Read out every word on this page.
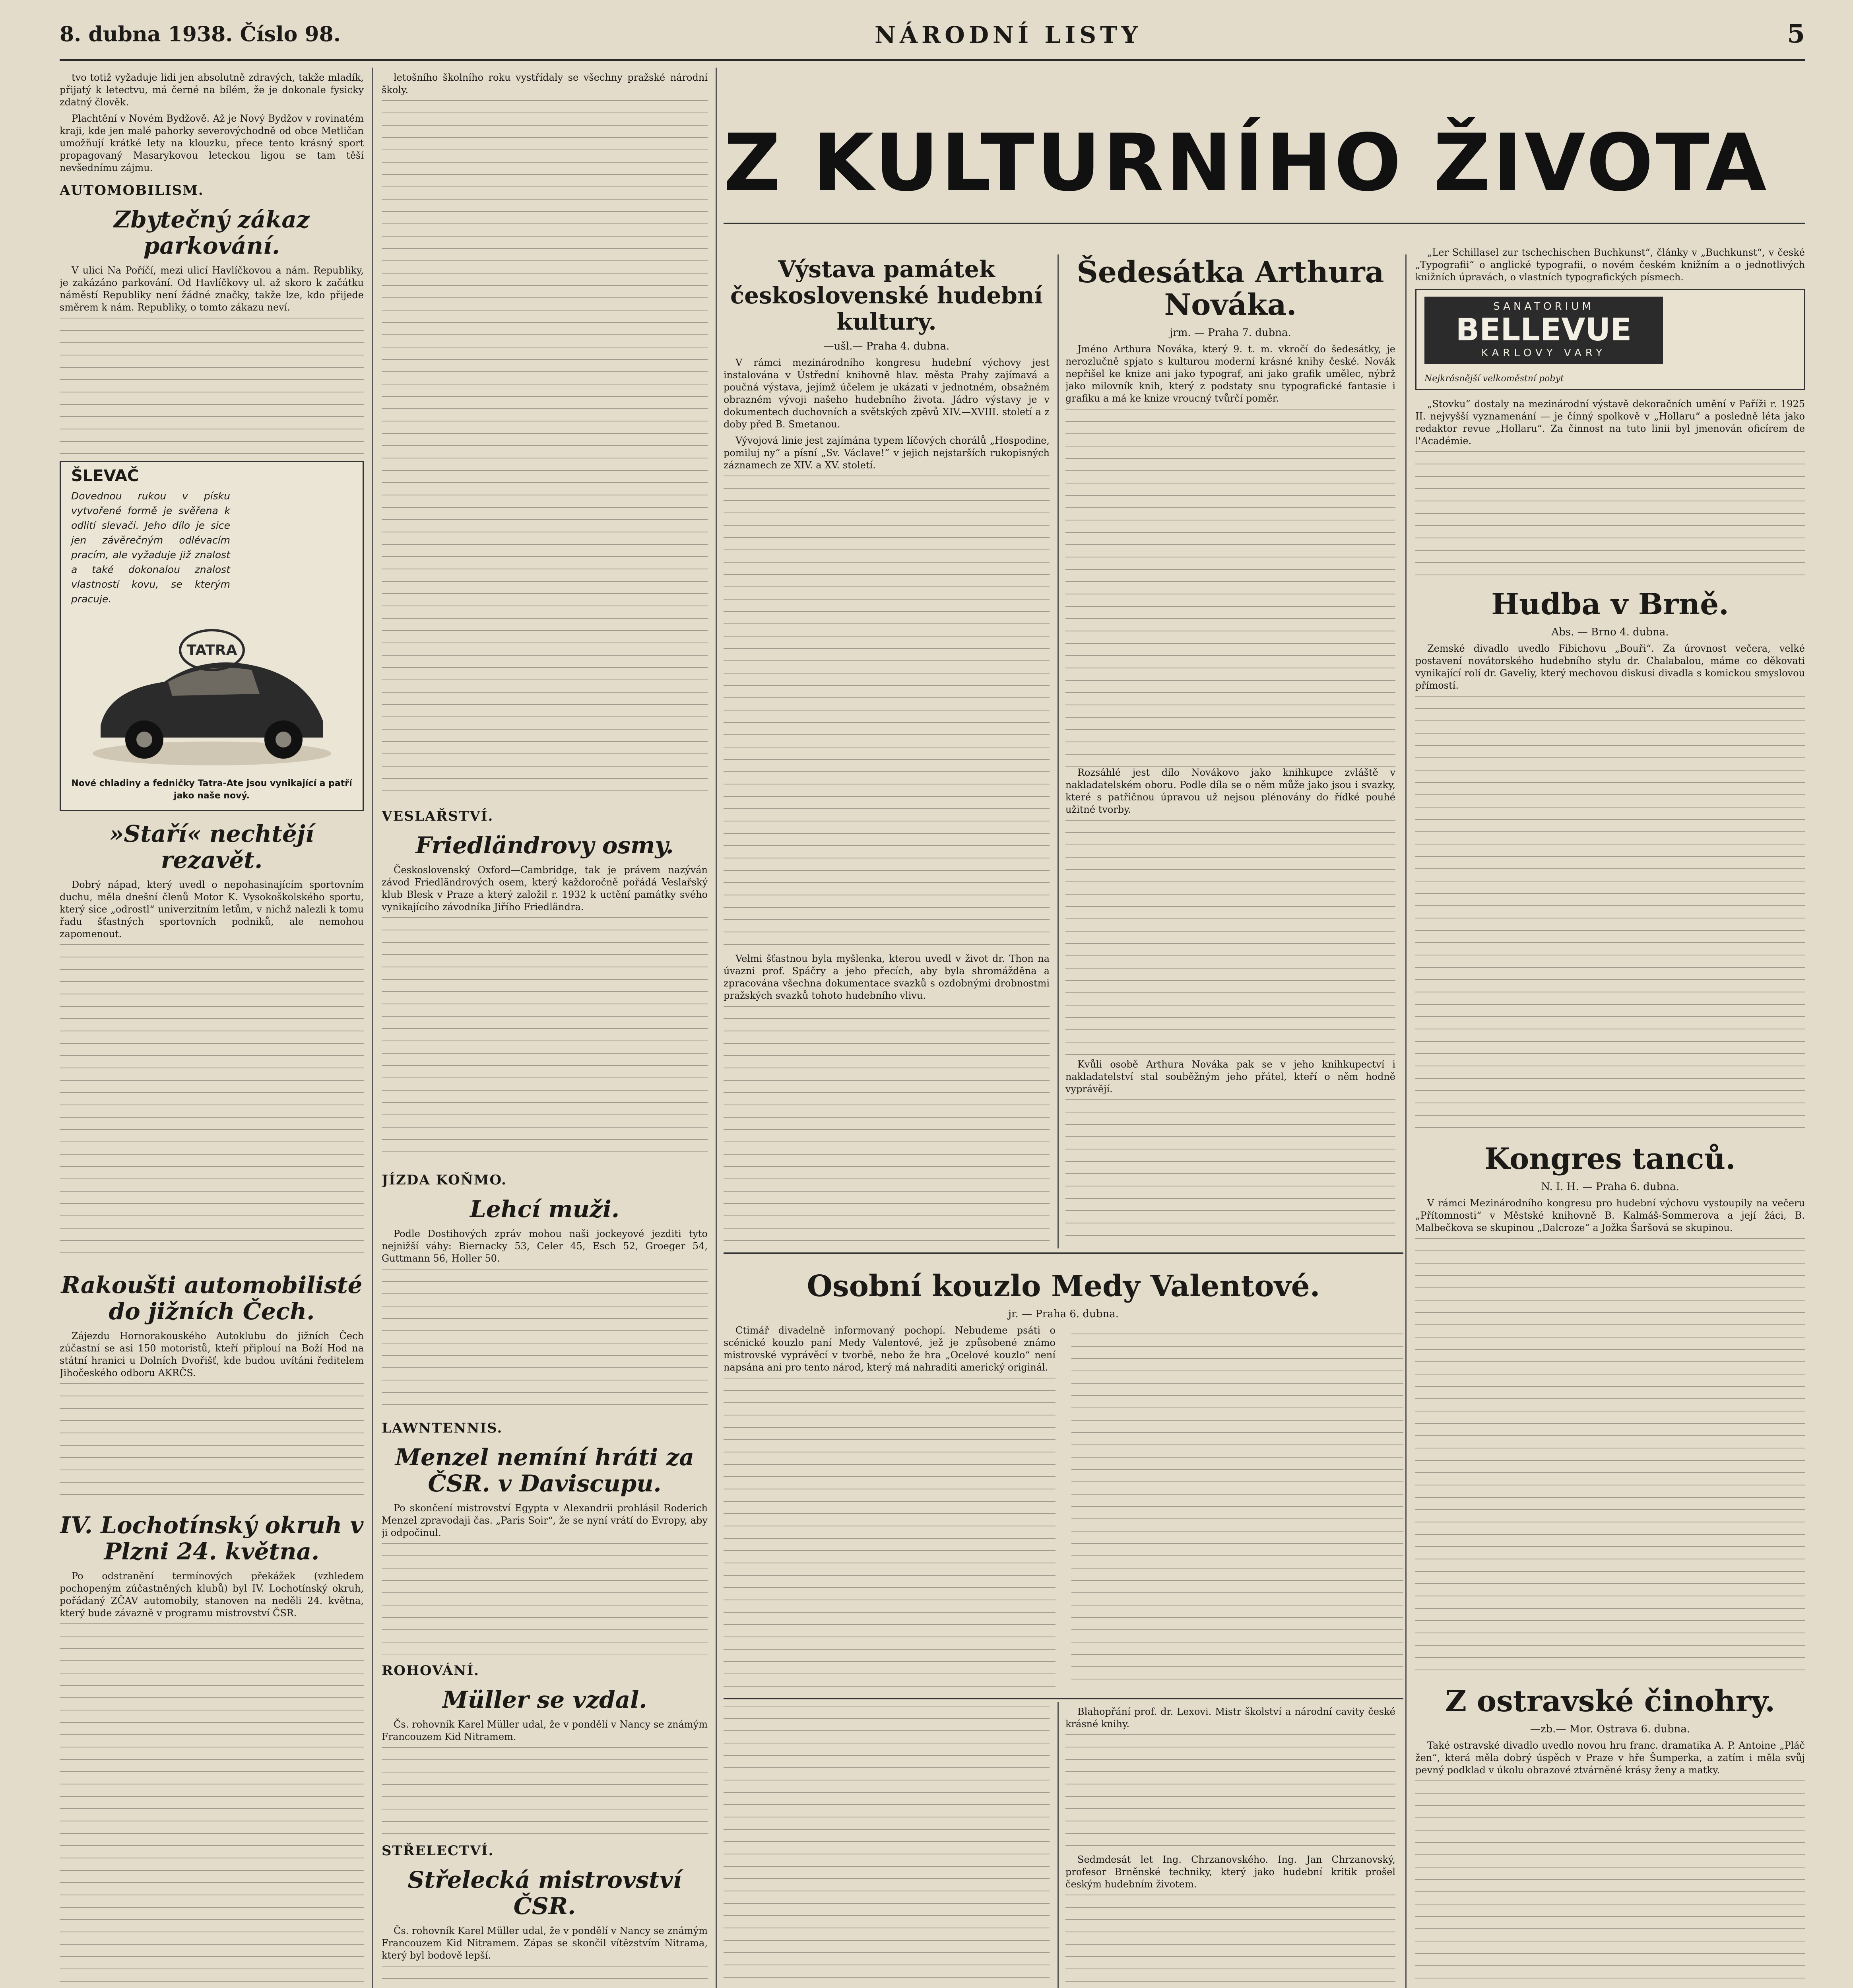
8. dubna 1938. Číslo 98.	NÁRODNÍ LISTY	5
Z KULTURNÍHO ŽIVOTA

tvo totiž vyžaduje lidi jen absolutně zdravých, takže mladík, přijatý k letectvu, má černé na bílém, že je dokonale fysicky zdatný člověk.

Plachtění v Novém Bydžově. Až je Nový Bydžov v rovinatém kraji, kde jen malé pahorky severovýchodně od obce Metličan umožňují krátké lety na klouzku, přece tento krásný sport propagovaný Masarykovou leteckou ligou se tam těší nevšednímu zájmu.

AUTOMOBILISM.
Zbytečný zákaz parkování.

V ulici Na Poříčí, mezi ulicí Havlíčkovou a nám. Republiky, je zakázáno parkování. Od Havlíčkovy ul. až skoro k začátku náměstí Republiky není žádné značky, takže lze, kdo přijede směrem k nám. Republiky, o tomto zákazu neví.

ŠLEVAČ
Dovednou rukou v písku vytvořené formě je svěřena k odlití slevači. Jeho dílo je sice jen závěrečným odlévacím pracím, ale vyžaduje již znalost a také dokonalou znalost vlastností kovu, se kterým pracuje.
TATRA
Nové chladiny a fedničky Tatra-Ate jsou vynikající a patří jako naše nový.
»Staří« nechtějí rezavět.

Dobrý nápad, který uvedl o nepohasinajícím sportovním duchu, měla dnešní členů Motor K. Vysokoškolského sportu, který sice „odrostl“ univerzitním letům, v nichž nalezli k tomu řadu šťastných sportovních podniků, ale nemohou zapomenout.

Rakoušti automobilisté do jižních Čech.

Zájezdu Hornorakouského Autoklubu do jižních Čech zúčastní se asi 150 motoristů, kteří připlouí na Boží Hod na státní hranici u Dolních Dvořišť, kde budou uvítáni ředitelem Jihočeského odboru AKRČS.

IV. Lochotínský okruh v Plzni 24. května.

Po odstranění termínových překážek (vzhledem pochopeným zúčastněných klubů) byl IV. Lochotínský okruh, pořádaný ZČAV automobily, stanoven na neděli 24. května, který bude závazně v programu mistrovství ČSR.

letošního školního roku vystřídaly se všechny pražské národní školy.

VESLAŘSTVÍ.
Friedländrovy osmy.

Československý Oxford—Cambridge, tak je právem nazýván závod Friedländrových osem, který každoročně pořádá Veslařský klub Blesk v Praze a který založil r. 1932 k uctění památky svého vynikajícího závodníka Jiřího Friedländra.

JÍZDA KOŇMO.
Lehcí muži.

Podle Dostihových zpráv mohou naši jockeyové jezditi tyto nejnižší váhy: Biernacky 53, Celer 45, Esch 52, Groeger 54, Guttmann 56, Holler 50.

LAWNTENNIS.
Menzel nemíní hráti za ČSR. v Daviscupu.

Po skončení mistrovství Egypta v Alexandrii prohlásil Roderich Menzel zpravodaji čas. „Paris Soir“, že se nyní vrátí do Evropy, aby ji odpočinul.

ROHOVÁNÍ.
Müller se vzdal.

Čs. rohovník Karel Müller udal, že v pondělí v Nancy se známým Francouzem Kid Nitramem.

STŘELECTVÍ.
Střelecká mistrovství ČSR.

Čs. rohovník Karel Müller udal, že v pondělí v Nancy se známým Francouzem Kid Nitramem. Zápas se skončil vítězstvím Nitrama, který byl bodově lepší.

Výstava památek československé hudební kultury.
—ušl.— Praha 4. dubna.

V rámci mezinárodního kongresu hudební výchovy jest instalována v Ústřední knihovně hlav. města Prahy zajímavá a poučná výstava, jejímž účelem je ukázati v jednotném, obsažném obrazném vývoji našeho hudebního života. Jádro výstavy je v dokumentech duchovních a světských zpěvů XIV.—XVIII. století a z doby před B. Smetanou.

Vývojová linie jest zajímána typem líčových chorálů „Hospodine, pomiluj ny“ a písní „Sv. Václave!“ v jejich nejstarších rukopisných záznamech ze XIV. a XV. století.

Velmi šťastnou byla myšlenka, kterou uvedl v život dr. Thon na úvazni prof. Spáčry a jeho přecích, aby byla shromážděna a zpracována všechna dokumentace svazků s ozdobnými drobnostmi pražských svazků tohoto hudebního vlivu.

Šedesátka Arthura Nováka.
jrm. — Praha 7. dubna.

Jméno Arthura Nováka, který 9. t. m. vkročí do šedesátky, je nerozlučně spjato s kulturou moderní krásné knihy české. Novák nepřišel ke knize ani jako typograf, ani jako grafik umělec, nýbrž jako milovník knih, který z podstaty snu typografické fantasie i grafiku a má ke knize vroucný tvůrčí poměr.

Rozsáhlé jest dílo Novákovo jako knihkupce zvláště v nakladatelském oboru. Podle díla se o něm může jako jsou i svazky, které s patřičnou úpravou už nejsou plénovány do řídké pouhé užitné tvorby.

Kvůli osobě Arthura Nováka pak se v jeho knihkupectví i nakladatelství stal souběžným jeho přátel, kteří o něm hodně vyprávějí.

Osobní kouzlo Medy Valentové.
jr. — Praha 6. dubna.

Ctimář divadelně informovaný pochopí. Nebudeme psáti o scénické kouzlo paní Medy Valentové, jež je způsobené známo mistrovské vyprávěcí v tvorbě, nebo že hra „Ocelové kouzlo“ není napsána ani pro tento národ, který má nahraditi americký originál.

Blahopřání prof. dr. Lexovi. Mistr školství a národní cavity české krásné knihy.

Sedmdesát let Ing. Chrzanovského. Ing. Jan Chrzanovský, profesor Brněnské techniky, který jako hudební kritik prošel českým hudebním životem.

„Ler Schillasel zur tschechischen Buchkunst“, články v „Buchkunst“, v české „Typografii“ o anglické typografii, o novém českém knižním a o jednotlivých knižních úpravách, o vlastních typografických písmech.

SANATORIUM
BELLEVUE
KARLOVY VARY
Nejkrásnější velkoměstní pobyt

„Stovku“ dostaly na mezinárodní výstavě dekoračních umění v Paříži r. 1925 II. nejvyšší vyznamenání — je čínný spolkově v „Hollaru“ a posledně léta jako redaktor revue „Hollaru“. Za činnost na tuto linii byl jmenován oficírem de l'Académie.

Hudba v Brně.
Abs. — Brno 4. dubna.

Zemské divadlo uvedlo Fibichovu „Bouři“. Za úrovnost večera, velké postavení novátorského hudebního stylu dr. Chalabalou, máme co děkovati vynikající rolí dr. Gaveliy, který mechovou diskusi divadla s komickou smyslovou přímostí.

Kongres tanců.
N. I. H. — Praha 6. dubna.

V rámci Mezinárodního kongresu pro hudební výchovu vystoupily na večeru „Přítomnosti“ v Městské knihovně B. Kalmáš-Sommerova a její žáci, B. Malbečkova se skupinou „Dalcroze“ a Jožka Šaršová se skupinou.

Z ostravské činohry.
—zb.— Mor. Ostrava 6. dubna.

Také ostravské divadlo uvedlo novou hru franc. dramatika A. P. Antoine „Pláč žen“, která měla dobrý úspěch v Praze v hře Šumperka, a zatím i měla svůj pevný podklad v úkolu obrazové ztvárněné krásy ženy a matky.
